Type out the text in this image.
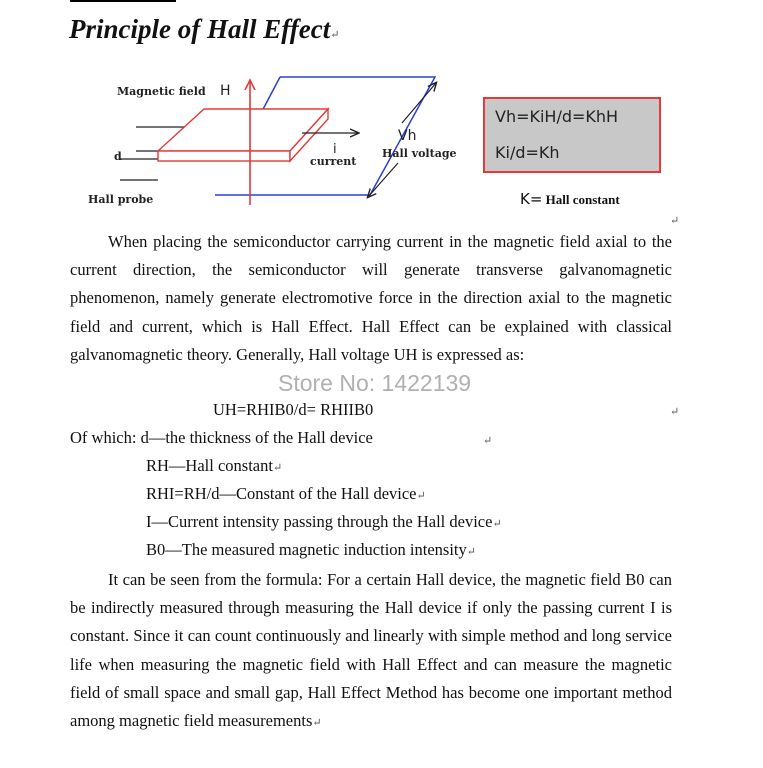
Principle of Hall Effect↵
Magnetic field H
d
Hall probe
i
current
Vh
Hall voltage
Vh=KiH/d=KhH
Ki/d=Kh
K= Hall constant
↵

When placing the semiconductor carrying current in the magnetic field axial to the current direction, the semiconductor will generate transverse galvanomagnetic phenomenon, namely generate electromotive force in the direction axial to the magnetic field and current, which is Hall Effect. Hall Effect can be explained with classical galvanomagnetic theory. Generally, Hall voltage UH is expressed as:

Store No: 1422139
UH=RHIB0/d= RHIIB0	↵
Of which: d—the thickness of the Hall device	↵
RH—Hall constant↵
RHI=RH/d—Constant of the Hall device↵
I—Current intensity passing through the Hall device↵
B0—The measured magnetic induction intensity↵

It can be seen from the formula: For a certain Hall device, the magnetic field B0 can be indirectly measured through measuring the Hall device if only the passing current I is constant. Since it can count continuously and linearly with simple method and long service life when measuring the magnetic field with Hall Effect and can measure the magnetic field of small space and small gap, Hall Effect Method has become one important method among magnetic field measurements↵
